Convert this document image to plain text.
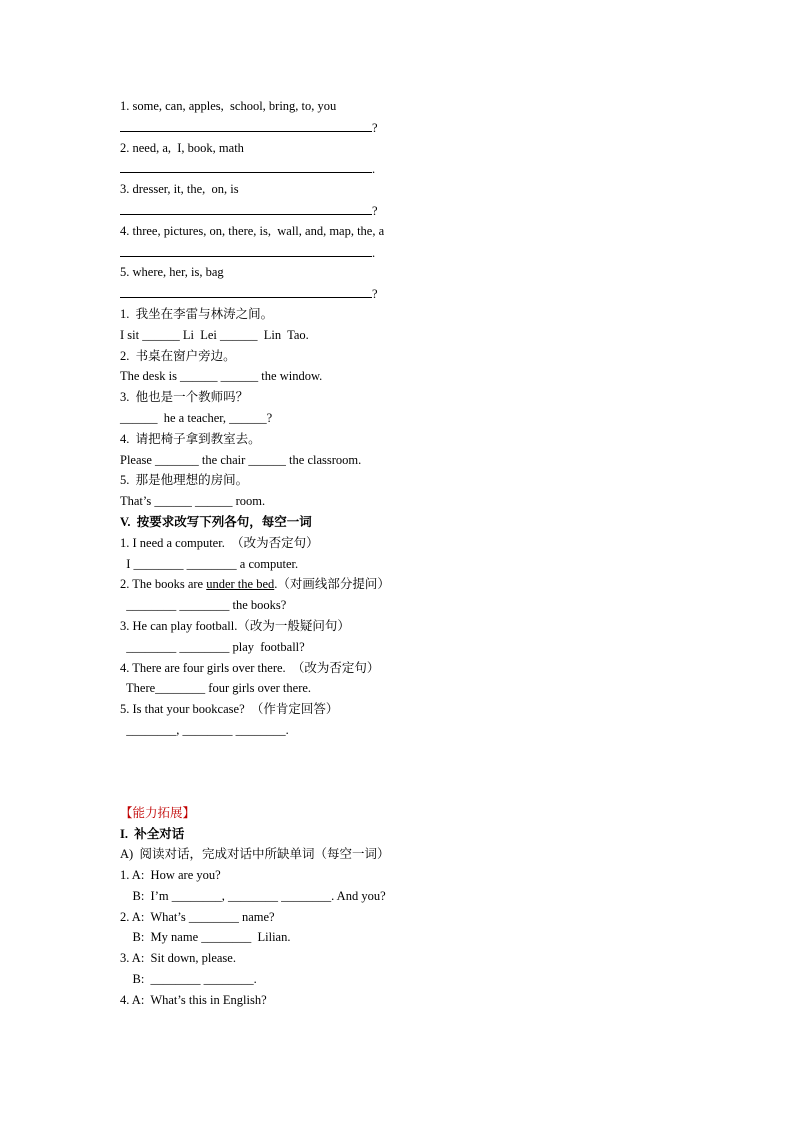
1. some, can, apples,  school, bring, to, you
?
2. need, a,  I, book, math
.
3. dresser, it, the,  on, is
?
4. three, pictures, on, there, is,  wall, and, map, the, a
.
5. where, her, is, bag
?
1.  我坐在李雷与林涛之间。
I sit ______ Li  Lei ______  Lin  Tao.
2.  书桌在窗户旁边。
The desk is ______ ______ the window.
3.  他也是一个教师吗？
______  he a teacher, ______?
4.  请把椅子拿到教室去。
Please _______ the chair ______ the classroom.
5.  那是他理想的房间。
That’s ______ ______ room.
V.  按要求改写下列各句，每空一词
1. I need a computer.  （改为否定句）
I ________ ________ a computer.
2. The books are under the bed.（对画线部分提问）
________ ________ the books?
3. He can play football.（改为一般疑问句）
________ ________ play  football?
4. There are four girls over there.  （改为否定句）
There________ four girls over there.
5. Is that your bookcase?  （作肯定回答）
________, ________ ________.
【能力拓展】
I.  补全对话
A)  阅读对话，完成对话中所缺单词（每空一词）
1. A:  How are you?
B:  I’m ________, ________ ________. And you?
2. A:  What’s ________ name?
B:  My name ________  Lilian.
3. A:  Sit down, please.
B:  ________ ________.
4. A:  What’s this in English?
